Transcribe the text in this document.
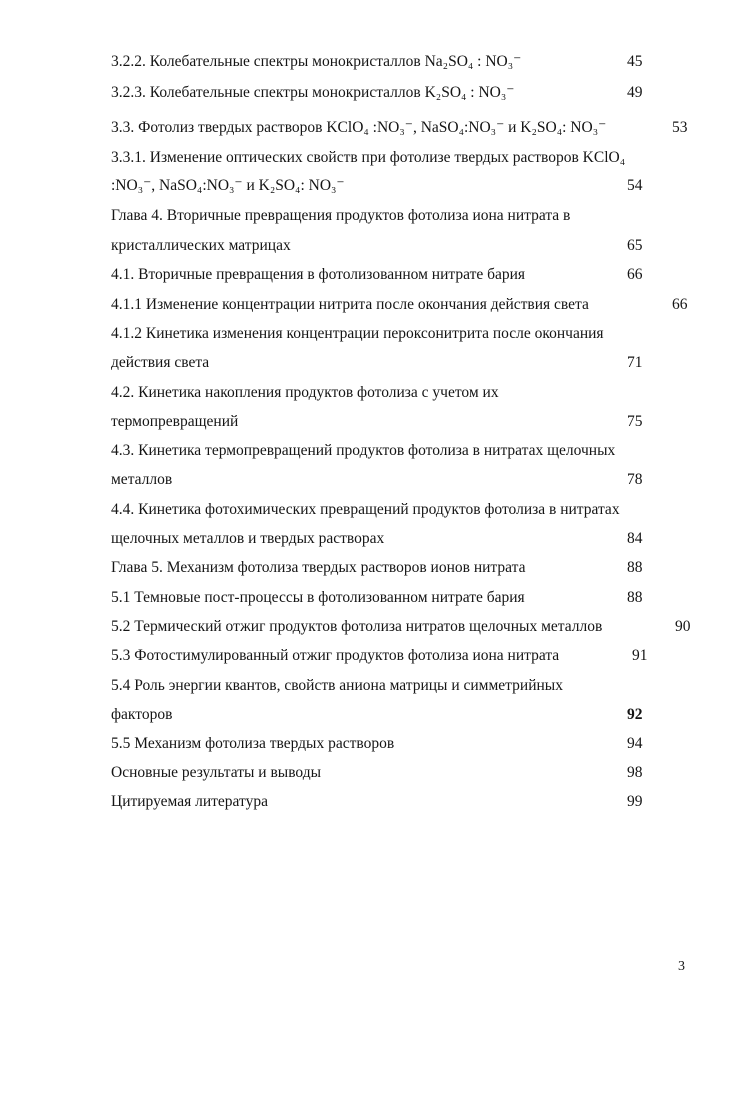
3.2.2. Колебательные спектры монокристаллов Na₂SO₄ : NO₃⁻	45
3.2.3. Колебательные спектры монокристаллов K₂SO₄ : NO₃⁻	49
3.3. Фотолиз твердых растворов KClO₄ :NO₃⁻, NaSO₄:NO₃⁻ и K₂SO₄: NO₃⁻	53
3.3.1. Изменение оптических свойств при фотолизе твердых растворов KClO₄
:NO₃⁻, NaSO₄:NO₃⁻ и K₂SO₄: NO₃⁻	54
Глава 4. Вторичные превращения продуктов фотолиза иона нитрата в
кристаллических матрицах	65
4.1. Вторичные превращения в фотолизованном нитрате бария	66
4.1.1 Изменение концентрации нитрита после окончания действия света	66
4.1.2 Кинетика изменения концентрации пероксонитрита после окончания
действия света	71
4.2. Кинетика накопления продуктов фотолиза с учетом их
термопревращений	75
4.3. Кинетика термопревращений продуктов фотолиза в нитратах щелочных
металлов	78
4.4. Кинетика фотохимических превращений продуктов фотолиза в нитратах
щелочных металлов и твердых растворах	84
Глава 5. Механизм фотолиза твердых растворов ионов нитрата	88
5.1 Темновые пост-процессы в фотолизованном нитрате бария	88
5.2 Термический отжиг продуктов фотолиза нитратов щелочных металлов	90
5.3 Фотостимулированный отжиг продуктов фотолиза иона нитрата	91
5.4 Роль энергии квантов, свойств аниона матрицы и симметрийных
факторов	92
5.5 Механизм фотолиза твердых растворов	94
Основные результаты и выводы	98
Цитируемая литература	99
3
